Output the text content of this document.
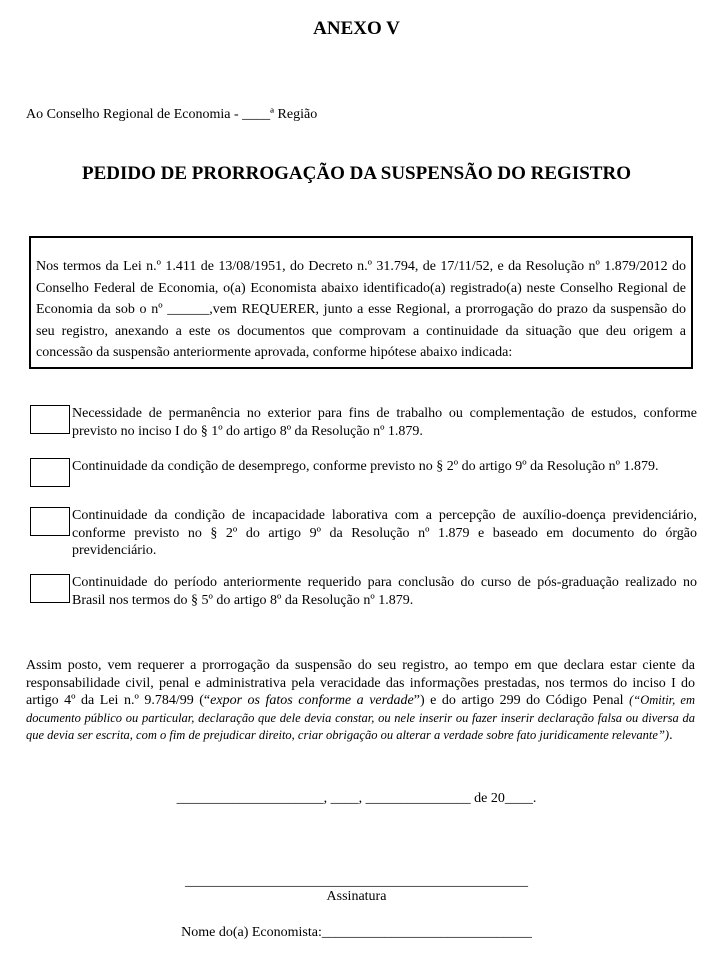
ANEXO V

Ao Conselho Regional de Economia - ____ª Região

PEDIDO DE PRORROGAÇÃO DA SUSPENSÃO DO REGISTRO

Nos termos da Lei n.º 1.411 de 13/08/1951, do Decreto n.º 31.794, de 17/11/52, e da Resolução nº 1.879/2012 do Conselho Federal de Economia, o(a) Economista abaixo identificado(a) registrado(a) neste Conselho Regional de Economia da sob o nº ______,vem REQUERER, junto a esse Regional, a prorrogação do prazo da suspensão do seu registro, anexando a este os documentos que comprovam a continuidade da situação que deu origem a concessão da suspensão anteriormente aprovada, conforme hipótese abaixo indicada:

Necessidade de permanência no exterior para fins de trabalho ou complementação de estudos, conforme previsto no inciso I do § 1º do artigo 8º da Resolução nº 1.879.

Continuidade da condição de desemprego, conforme previsto no § 2º do artigo 9º da Resolução nº 1.879.

Continuidade da condição de incapacidade laborativa com a percepção de auxílio-doença previdenciário, conforme previsto no § 2º do artigo 9º da Resolução nº 1.879 e baseado em documento do órgão previdenciário.

Continuidade do período anteriormente requerido para conclusão do curso de pós-graduação realizado no Brasil nos termos do § 5º do artigo 8º da Resolução nº 1.879.

Assim posto, vem requerer a prorrogação da suspensão do seu registro, ao tempo em que declara estar ciente da responsabilidade civil, penal e administrativa pela veracidade das informações prestadas, nos termos do inciso I do artigo 4º da Lei n.º 9.784/99 (“expor os fatos conforme a verdade”) e do artigo 299 do Código Penal (“Omitir, em documento público ou particular, declaração que dele devia constar, ou nele inserir ou fazer inserir declaração falsa ou diversa da que devia ser escrita, com o fim de prejudicar direito, criar obrigação ou alterar a verdade sobre fato juridicamente relevante”).

_____________________, ____, _______________ de 20____.

_________________________________________________

Assinatura

Nome do(a) Economista:______________________________
